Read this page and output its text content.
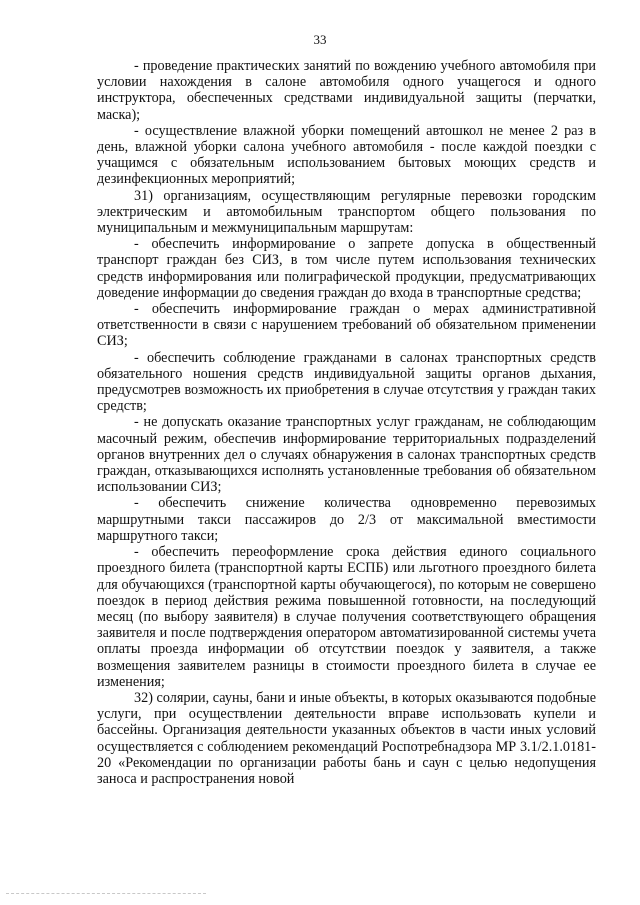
33

- проведение практических занятий по вождению учебного автомобиля при условии нахождения в салоне автомобиля одного учащегося и одного инструктора, обеспеченных средствами индивидуальной защиты (перчатки, маска);

- осуществление влажной уборки помещений автошкол не менее 2 раз в день, влажной уборки салона учебного автомобиля - после каждой поездки с учащимся с обязательным использованием бытовых моющих средств и дезинфекционных мероприятий;

31) организациям, осуществляющим регулярные перевозки городским электрическим и автомобильным транспортом общего пользования по муниципальным и межмуниципальным маршрутам:

- обеспечить информирование о запрете допуска в общественный транспорт граждан без СИЗ, в том числе путем использования технических средств информирования или полиграфической продукции, предусматривающих доведение информации до сведения граждан до входа в транспортные средства;

- обеспечить информирование граждан о мерах административной ответственности в связи с нарушением требований об обязательном применении СИЗ;

- обеспечить соблюдение гражданами в салонах транспортных средств обязательного ношения средств индивидуальной защиты органов дыхания, предусмотрев возможность их приобретения в случае отсутствия у граждан таких средств;

- не допускать оказание транспортных услуг гражданам, не соблюдающим масочный режим, обеспечив информирование территориальных подразделений органов внутренних дел о случаях обнаружения в салонах транспортных средств граждан, отказывающихся исполнять установленные требования об обязательном использовании СИЗ;

- обеспечить снижение количества одновременно перевозимых маршрутными такси пассажиров до 2/3 от максимальной вместимости маршрутного такси;

- обеспечить переоформление срока действия единого социального проездного билета (транспортной карты ЕСПБ) или льготного проездного билета для обучающихся (транспортной карты обучающегося), по которым не совершено поездок в период действия режима повышенной готовности, на последующий месяц (по выбору заявителя) в случае получения соответствующего обращения заявителя и после подтверждения оператором автоматизированной системы учета оплаты проезда информации об отсутствии поездок у заявителя, а также возмещения заявителем разницы в стоимости проездного билета в случае ее изменения;

32) солярии, сауны, бани и иные объекты, в которых оказываются подобные услуги, при осуществлении деятельности вправе использовать купели и бассейны. Организация деятельности указанных объектов в части иных условий осуществляется с соблюдением рекомендаций Роспотребнадзора МР 3.1/2.1.0181-20 «Рекомендации по организации работы бань и саун с целью недопущения заноса и распространения новой
